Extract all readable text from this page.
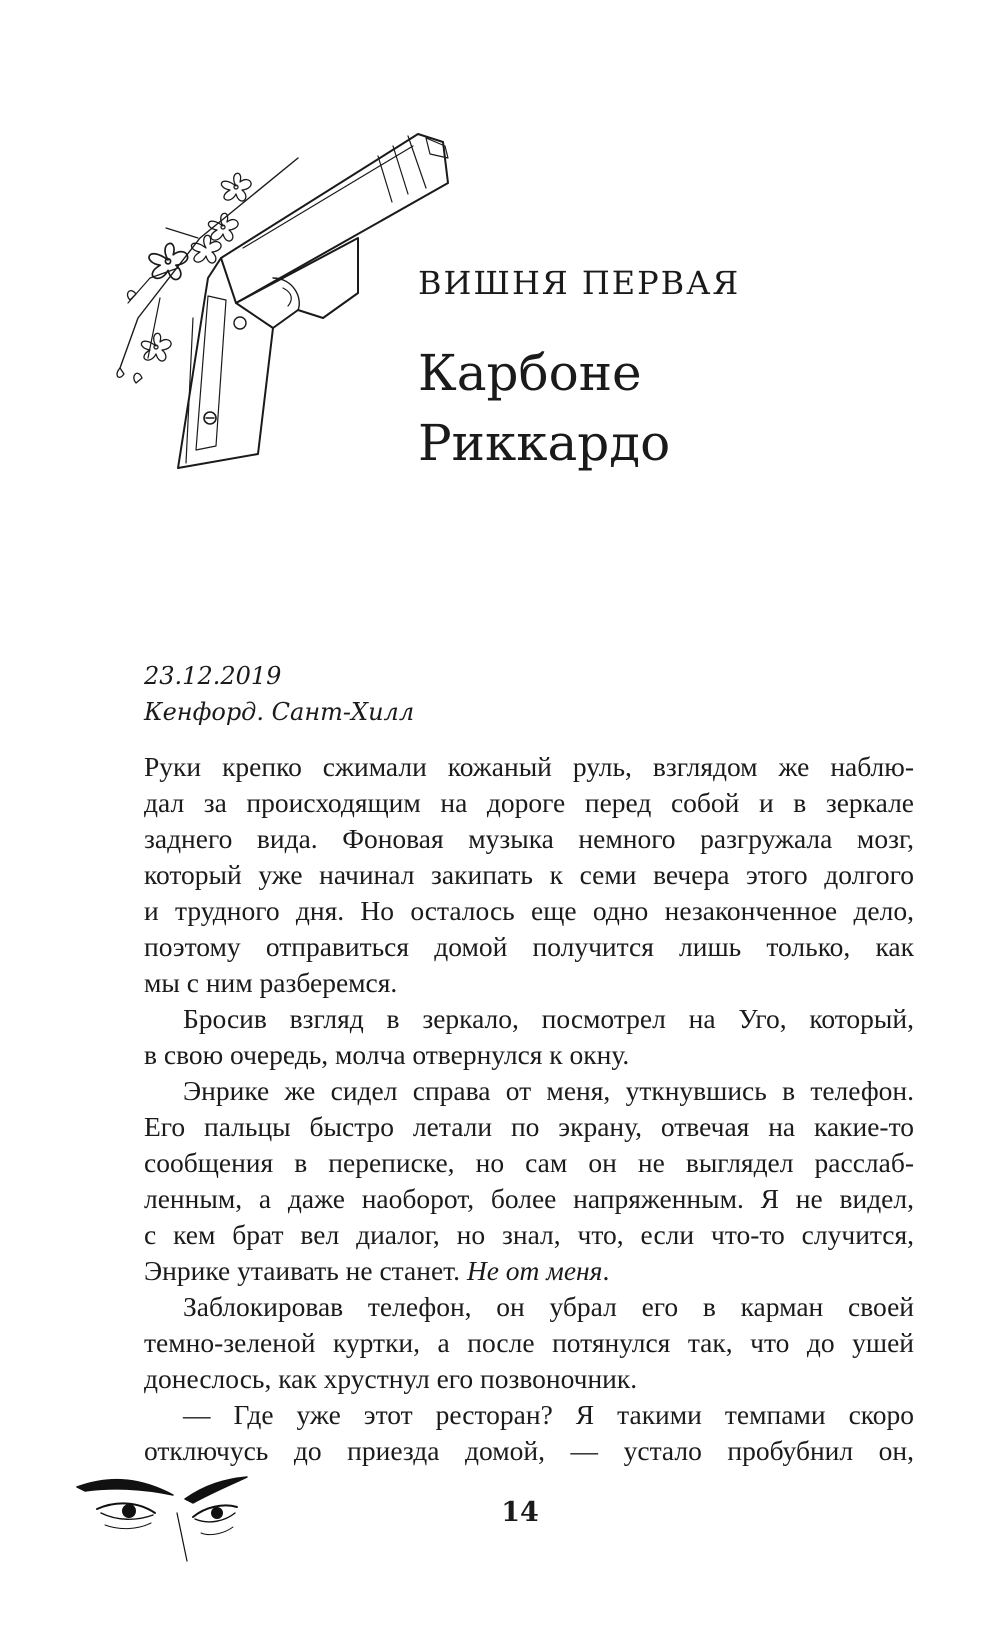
ВИШНЯ ПЕРВАЯ

Карбоне
Риккардо
23.12.2019
Кенфорд. Сант-Хилл
Руки крепко сжимали кожаный руль, взглядом же наблю-
дал за происходящим на дороге перед собой и в зеркале
заднего вида. Фоновая музыка немного разгружала мозг,
который уже начинал закипать к семи вечера этого долгого
и трудного дня. Но осталось еще одно незаконченное дело,
поэтому отправиться домой получится лишь только, как
мы с ним разберемся.
Бросив взгляд в зеркало, посмотрел на Уго, который,
в свою очередь, молча отвернулся к окну.
Энрике же сидел справа от меня, уткнувшись в телефон.
Его пальцы быстро летали по экрану, отвечая на какие-то
сообщения в переписке, но сам он не выглядел расслаб-
ленным, а даже наоборот, более напряженным. Я не видел,
с кем брат вел диалог, но знал, что, если что-то случится,
Энрике утаивать не станет. Не от меня.
Заблокировав телефон, он убрал его в карман своей
темно-зеленой куртки, а после потянулся так, что до ушей
донеслось, как хрустнул его позвоночник.
— Где уже этот ресторан? Я такими темпами скоро
отключусь до приезда домой, — устало пробубнил он,

14
